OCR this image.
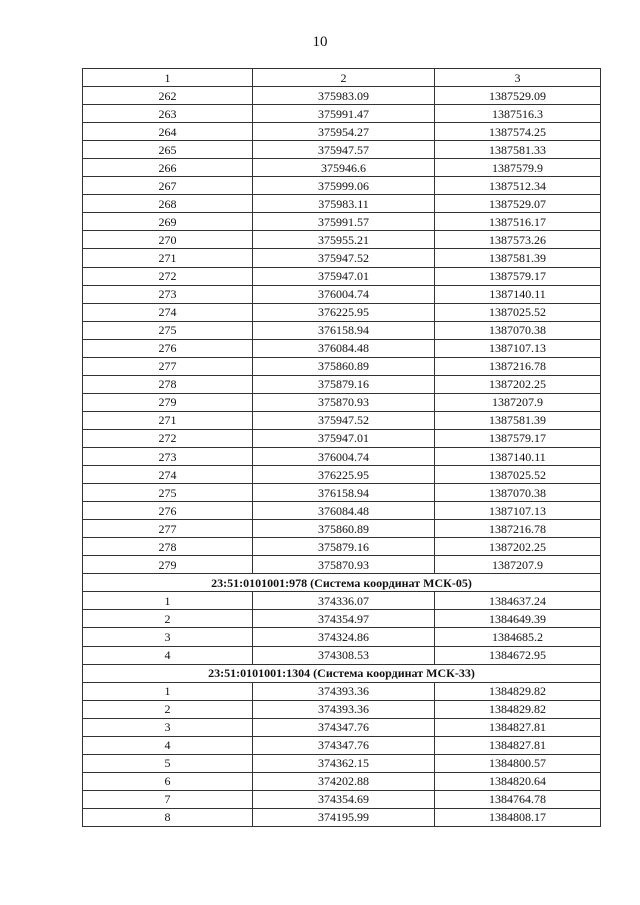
10
1	2	3
262	375983.09	1387529.09
263	375991.47	1387516.3
264	375954.27	1387574.25
265	375947.57	1387581.33
266	375946.6	1387579.9
267	375999.06	1387512.34
268	375983.11	1387529.07
269	375991.57	1387516.17
270	375955.21	1387573.26
271	375947.52	1387581.39
272	375947.01	1387579.17
273	376004.74	1387140.11
274	376225.95	1387025.52
275	376158.94	1387070.38
276	376084.48	1387107.13
277	375860.89	1387216.78
278	375879.16	1387202.25
279	375870.93	1387207.9
271	375947.52	1387581.39
272	375947.01	1387579.17
273	376004.74	1387140.11
274	376225.95	1387025.52
275	376158.94	1387070.38
276	376084.48	1387107.13
277	375860.89	1387216.78
278	375879.16	1387202.25
279	375870.93	1387207.9
23:51:0101001:978 (Система координат МСК-05)		
1	374336.07	1384637.24
2	374354.97	1384649.39
3	374324.86	1384685.2
4	374308.53	1384672.95
23:51:0101001:1304 (Система координат МСК-33)		
1	374393.36	1384829.82
2	374393.36	1384829.82
3	374347.76	1384827.81
4	374347.76	1384827.81
5	374362.15	1384800.57
6	374202.88	1384820.64
7	374354.69	1384764.78
8	374195.99	1384808.17
